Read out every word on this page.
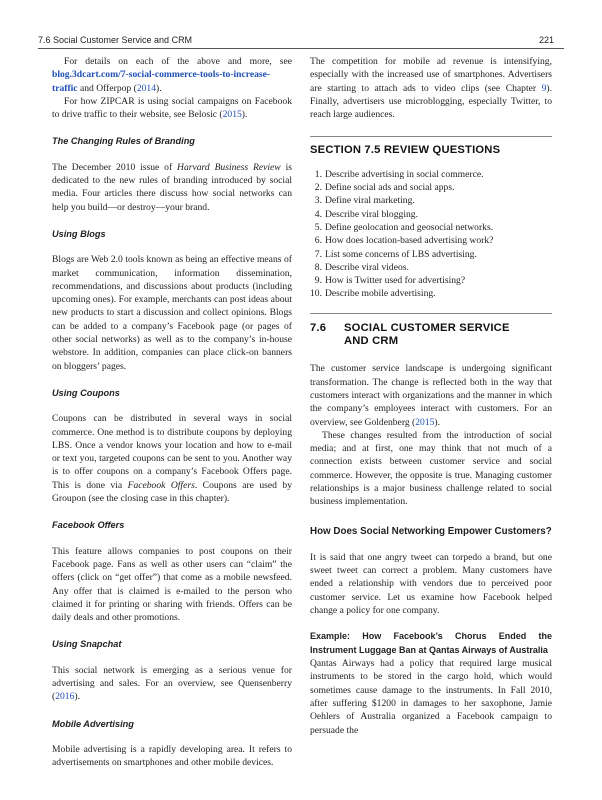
7.6 Social Customer Service and CRM	221

For details on each of the above and more, see blog.3dcart.com/7-social-commerce-tools-to-increase-traffic and Offerpop (2014).

For how ZIPCAR is using social campaigns on Facebook to drive traffic to their website, see Belosic (2015).

The Changing Rules of Branding

The December 2010 issue of Harvard Business Review is dedicated to the new rules of branding introduced by social media. Four articles there discuss how social networks can help you build—or destroy—your brand.

Using Blogs

Blogs are Web 2.0 tools known as being an effective means of market communication, information dissemination, recommendations, and discussions about products (including upcoming ones). For example, merchants can post ideas about new products to start a discussion and collect opinions. Blogs can be added to a company’s Facebook page (or pages of other social networks) as well as to the company’s in-house webstore. In addition, companies can place click-on banners on bloggers’ pages.

Using Coupons

Coupons can be distributed in several ways in social commerce. One method is to distribute coupons by deploying LBS. Once a vendor knows your location and how to e-mail or text you, targeted coupons can be sent to you. Another way is to offer coupons on a company’s Facebook Offers page. This is done via Facebook Offers. Coupons are used by Groupon (see the closing case in this chapter).

Facebook Offers

This feature allows companies to post coupons on their Facebook page. Fans as well as other users can “claim” the offers (click on “get offer”) that come as a mobile newsfeed. Any offer that is claimed is e-mailed to the person who claimed it for printing or sharing with friends. Offers can be daily deals and other promotions.

Using Snapchat

This social network is emerging as a serious venue for advertising and sales. For an overview, see Quensenberry (2016).

Mobile Advertising

Mobile advertising is a rapidly developing area. It refers to advertisements on smartphones and other mobile devices.

The competition for mobile ad revenue is intensifying, especially with the increased use of smartphones. Advertisers are starting to attach ads to video clips (see Chapter 9). Finally, advertisers use microblogging, especially Twitter, to reach large audiences.

SECTION 7.5 REVIEW QUESTIONS
1. Describe advertising in social commerce.
2. Define social ads and social apps.
3. Define viral marketing.
4. Describe viral blogging.
5. Define geolocation and geosocial networks.
6. How does location-based advertising work?
7. List some concerns of LBS advertising.
8. Describe viral videos.
9. How is Twitter used for advertising?
10. Describe mobile advertising.
7.6	SOCIAL CUSTOMER SERVICE
AND CRM

The customer service landscape is undergoing significant transformation. The change is reflected both in the way that customers interact with organizations and the manner in which the company’s employees interact with customers. For an overview, see Goldenberg (2015).

These changes resulted from the introduction of social media; and at first, one may think that not much of a connection exists between customer service and social commerce. However, the opposite is true. Managing customer relationships is a major business challenge related to social business implementation.

How Does Social Networking Empower Customers?

It is said that one angry tweet can torpedo a brand, but one sweet tweet can correct a problem. Many customers have ended a relationship with vendors due to perceived poor customer service. Let us examine how Facebook helped change a policy for one company.

Example: How Facebook’s Chorus Ended the Instrument Luggage Ban at Qantas Airways of Australia

Qantas Airways had a policy that required large musical instruments to be stored in the cargo hold, which would sometimes cause damage to the instruments. In Fall 2010, after suffering $1200 in damages to her saxophone, Jamie Oehlers of Australia organized a Facebook campaign to persuade the
